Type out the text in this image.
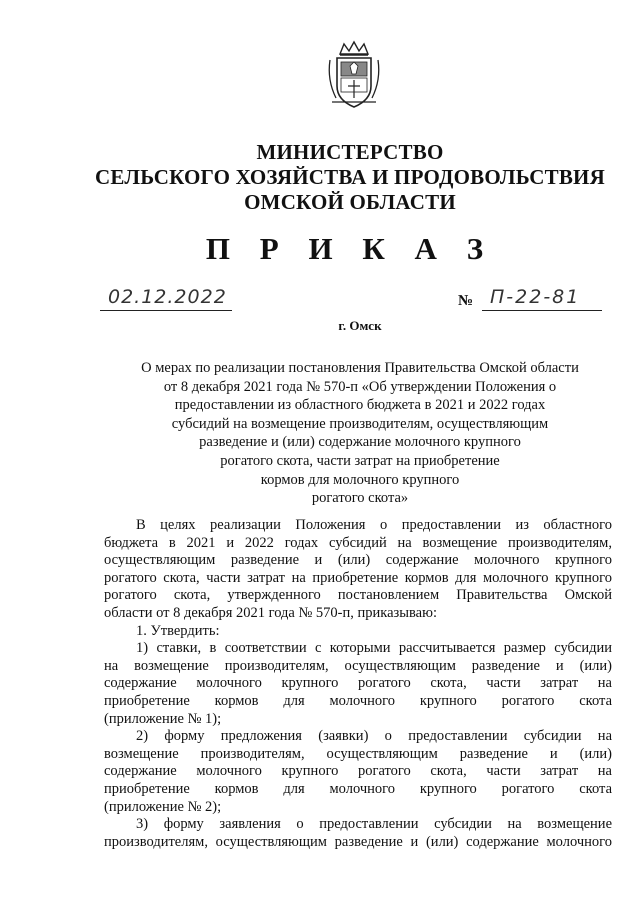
МИНИСТЕРСТВО
СЕЛЬСКОГО ХОЗЯЙСТВА И ПРОДОВОЛЬСТВИЯ
ОМСКОЙ ОБЛАСТИ
П Р И К А З
02.12.2022	№ П-22-81
г. Омск
О мерах по реализации постановления Правительства Омской области
от 8 декабря 2021 года № 570-п «Об утверждении Положения о
предоставлении из областного бюджета в 2021 и 2022 годах
субсидий на возмещение производителям, осуществляющим
разведение и (или) содержание молочного крупного
рогатого скота, части затрат на приобретение
кормов для молочного крупного
рогатого скота»
В целях реализации Положения о предоставлении из областного
бюджета в 2021 и 2022 годах субсидий на возмещение производителям,
осуществляющим разведение и (или) содержание молочного крупного
рогатого скота, части затрат на приобретение кормов для молочного крупного
рогатого скота, утвержденного постановлением Правительства Омской
области от 8 декабря 2021 года № 570-п, приказываю:
1. Утвердить:
1) ставки, в соответствии с которыми рассчитывается размер субсидии
на возмещение производителям, осуществляющим разведение и (или)
содержание молочного крупного рогатого скота, части затрат на
приобретение кормов для молочного крупного рогатого скота
(приложение № 1);
2) форму предложения (заявки) о предоставлении субсидии на
возмещение производителям, осуществляющим разведение и (или)
содержание молочного крупного рогатого скота, части затрат на
приобретение кормов для молочного крупного рогатого скота
(приложение № 2);
3) форму заявления о предоставлении субсидии на возмещение
производителям, осуществляющим разведение и (или) содержание молочного
